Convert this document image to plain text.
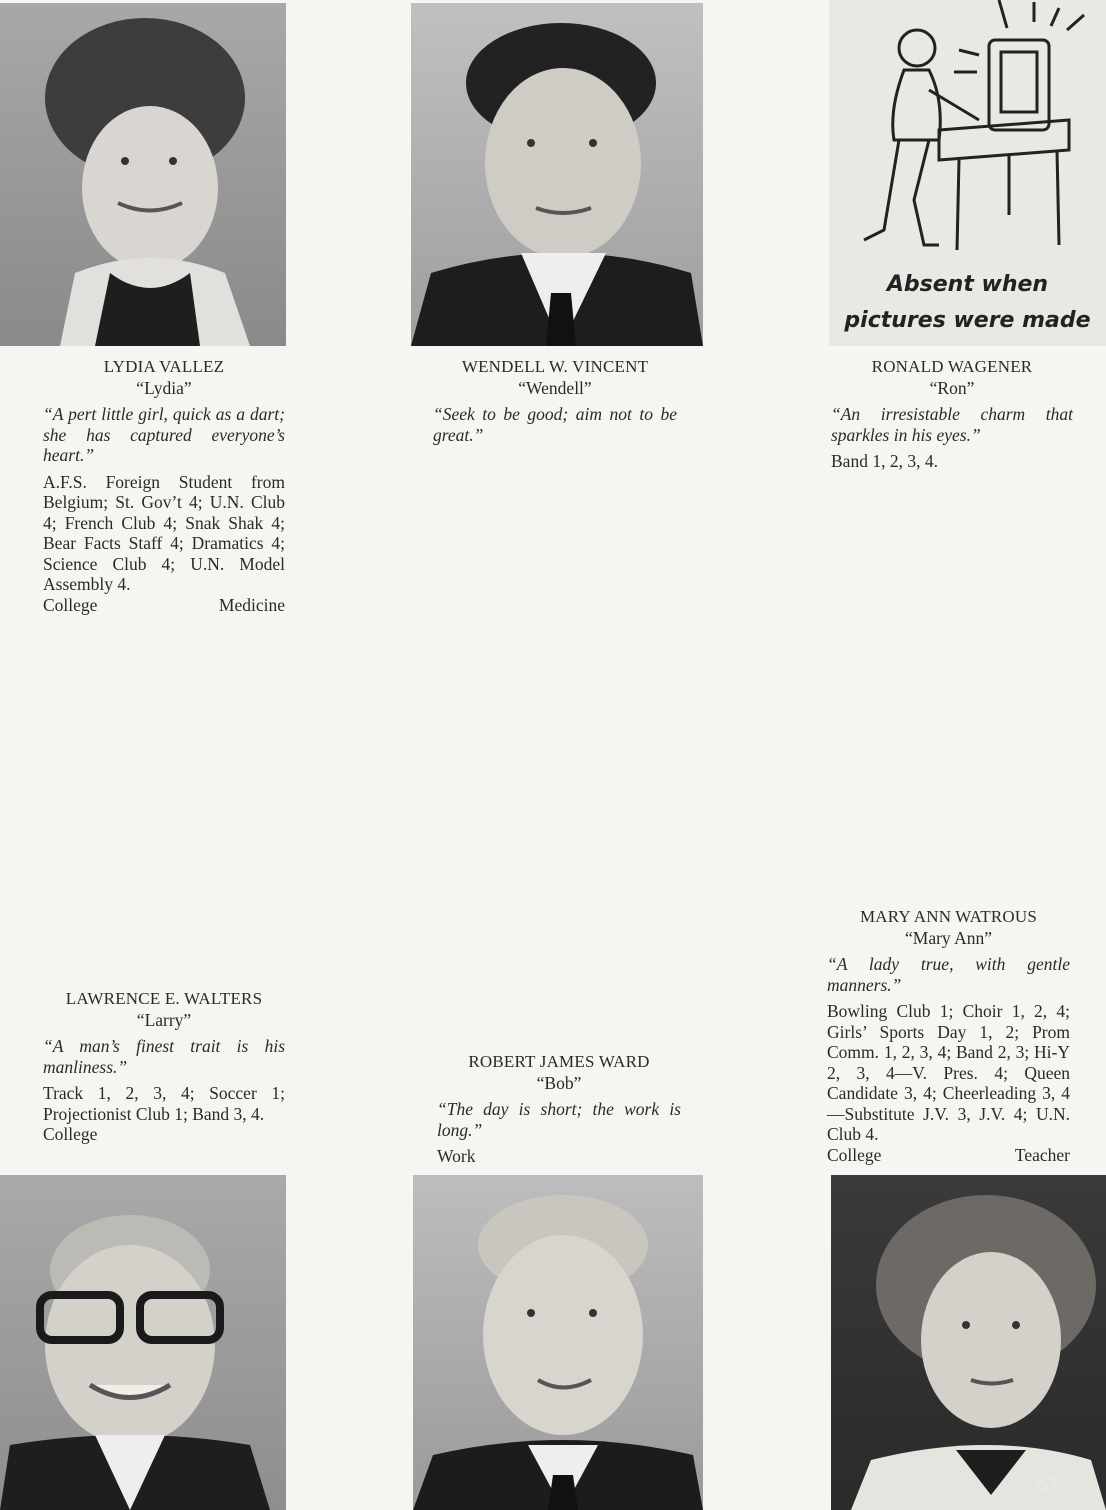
Absent when
pictures were made
LYDIA VALLEZ
“Lydia”
“A pert little girl, quick as a dart; she has captured everyone’s heart.”
A.F.S. Foreign Student from Belgium; St. Gov’t 4; U.N. Club 4; French Club 4; Snak Shak 4; Bear Facts Staff 4; Dramatics 4; Science Club 4; U.N. Model Assembly 4.
College	Medicine
WENDELL W. VINCENT
“Wendell”
“Seek to be good; aim not to be great.”
RONALD WAGENER
“Ron”
“An irresistable charm that sparkles in his eyes.”
Band 1, 2, 3, 4.
LAWRENCE E. WALTERS
“Larry”
“A man’s finest trait is his manliness.”
Track 1, 2, 3, 4; Soccer 1; Projectionist Club 1; Band 3, 4.
College
ROBERT JAMES WARD
“Bob”
“The day is short; the work is long.”
Work
MARY ANN WATROUS
“Mary Ann”
“A lady true, with gentle manners.”
Bowling Club 1; Choir 1, 2, 4; Girls’ Sports Day 1, 2; Prom Comm. 1, 2, 3, 4; Band 2, 3; Hi-Y 2, 3, 4—V. Pres. 4; Queen Candidate 3, 4; Cheerleading 3, 4—Substitute J.V. 3, J.V. 4; U.N. Club 4.
College	Teacher
57
